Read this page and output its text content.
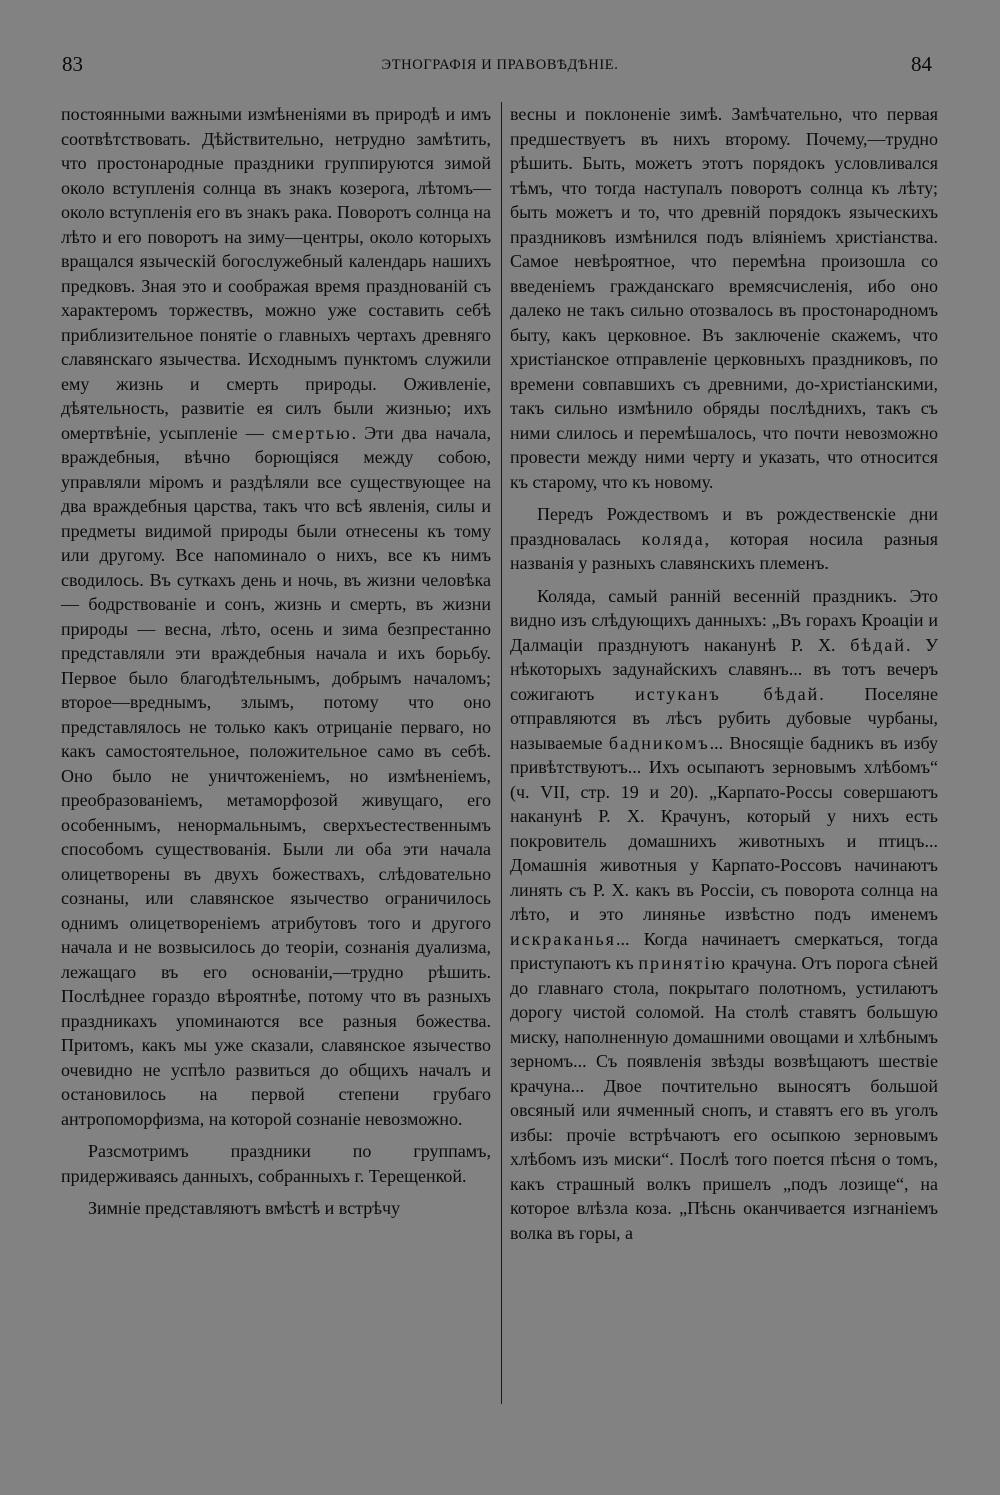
83	ЭТНОГРАФІЯ И ПРАВОВѢДѢНІЕ.	84

постоянными важными измѣненіями въ природѣ и имъ соотвѣтствовать. Дѣйствительно, нетрудно замѣтить, что простонародные праздники группируются зимой около вступленія солнца въ знакъ козерога, лѣтомъ—около вступленія его въ знакъ рака. Поворотъ солнца на лѣто и его поворотъ на зиму—центры, около которыхъ вращался языческій богослужебный календарь нашихъ предковъ. Зная это и соображая время празднованій съ характеромъ торжествъ, можно уже составить себѣ приблизительное понятіе о главныхъ чертахъ древняго славянскаго язычества. Исходнымъ пунктомъ служили ему жизнь и смерть природы. Оживленіе, дѣятельность, развитіе ея силъ были жизнью; ихъ омертвѣніе, усыпленіе — смертью. Эти два начала, враждебныя, вѣчно борющіяся между собою, управляли міромъ и раздѣляли все существующее на два враждебныя царства, такъ что всѣ явленія, силы и предметы видимой природы были отнесены къ тому или другому. Все напоминало о нихъ, все къ нимъ сводилось. Въ суткахъ день и ночь, въ жизни человѣка — бодрствованіе и сонъ, жизнь и смерть, въ жизни природы — весна, лѣто, осень и зима безпрестанно представляли эти враждебныя начала и ихъ борьбу. Первое было благодѣтельнымъ, добрымъ началомъ; второе—вреднымъ, злымъ, потому что оно представлялось не только какъ отрицаніе перваго, но какъ самостоятельное, положительное само въ себѣ. Оно было не уничтоженіемъ, но измѣненіемъ, преобразованіемъ, метаморфозой живущаго, его особеннымъ, ненормальнымъ, сверхъестественнымъ способомъ существованія. Были ли оба эти начала олицетворены въ двухъ божествахъ, слѣдовательно сознаны, или славянское язычество ограничилось однимъ олицетвореніемъ атрибутовъ того и другого начала и не возвысилось до теоріи, сознанія дуализма, лежащаго въ его основаніи,—трудно рѣшить. Послѣднее гораздо вѣроятнѣе, потому что въ разныхъ праздникахъ упоминаются все разныя божества. Притомъ, какъ мы уже сказали, славянское язычество очевидно не успѣло развиться до общихъ началъ и остановилось на первой степени грубаго антропоморфизма, на которой сознаніе невозможно.

Разсмотримъ праздники по группамъ, придерживаясь данныхъ, собранныхъ г. Терещенкой.

Зимніе представляютъ вмѣстѣ и встрѣчу

весны и поклоненіе зимѣ. Замѣчательно, что первая предшествуетъ въ нихъ второму. Почему,—трудно рѣшить. Быть, можетъ этотъ порядокъ условливался тѣмъ, что тогда наступалъ поворотъ солнца къ лѣту; быть можетъ и то, что древній порядокъ языческихъ праздниковъ измѣнился подъ вліяніемъ христіанства. Самое невѣроятное, что перемѣна произошла со введеніемъ гражданскаго времясчисленія, ибо оно далеко не такъ сильно отозвалось въ простонародномъ быту, какъ церковное. Въ заключеніе скажемъ, что христіанское отправленіе церковныхъ праздниковъ, по времени совпавшихъ съ древними, до-христіанскими, такъ сильно измѣнило обряды послѣднихъ, такъ съ ними слилось и перемѣшалось, что почти невозможно провести между ними черту и указать, что относится къ старому, что къ новому.

Передъ Рождествомъ и въ рождественскіе дни праздновалась коляда, которая носила разныя названія у разныхъ славянскихъ племенъ.

Коляда, самый ранній весенній праздникъ. Это видно изъ слѣдующихъ данныхъ: „Въ горахъ Кроаціи и Далмаціи празднуютъ наканунѣ Р. Х. бѣдай. У нѣкоторыхъ задунайскихъ славянъ... въ тотъ вечеръ сожигаютъ истуканъ бѣдай. Поселяне отправляются въ лѣсъ рубить дубовые чурбаны, называемые бадникомъ... Вносящіе бадникъ въ избу привѣтствуютъ... Ихъ осыпаютъ зерновымъ хлѣбомъ“ (ч. VII, стр. 19 и 20). „Карпато-Россы совершаютъ наканунѣ Р. Х. Крачунъ, который у нихъ есть покровитель домашнихъ животныхъ и птицъ... Домашнія животныя у Карпато-Россовъ начинаютъ линять съ Р. Х. какъ въ Россіи, съ поворота солнца на лѣто, и это линянье извѣстно подъ именемъ искраканья... Когда начинаетъ смеркаться, тогда приступаютъ къ принятію крачуна. Отъ порога сѣней до главнаго стола, покрытаго полотномъ, устилаютъ дорогу чистой соломой. На столѣ ставятъ большую миску, наполненную домашними овощами и хлѣбнымъ зерномъ... Съ появленія звѣзды возвѣщаютъ шествіе крачуна... Двое почтительно выносятъ большой овсяный или ячменный снопъ, и ставятъ его въ уголъ избы: прочіе встрѣчаютъ его осыпкою зерновымъ хлѣбомъ изъ миски“. Послѣ того поется пѣсня о томъ, какъ страшный волкъ пришелъ „подъ лозище“, на которое влѣзла коза. „Пѣснь оканчивается изгнаніемъ волка въ горы, а
